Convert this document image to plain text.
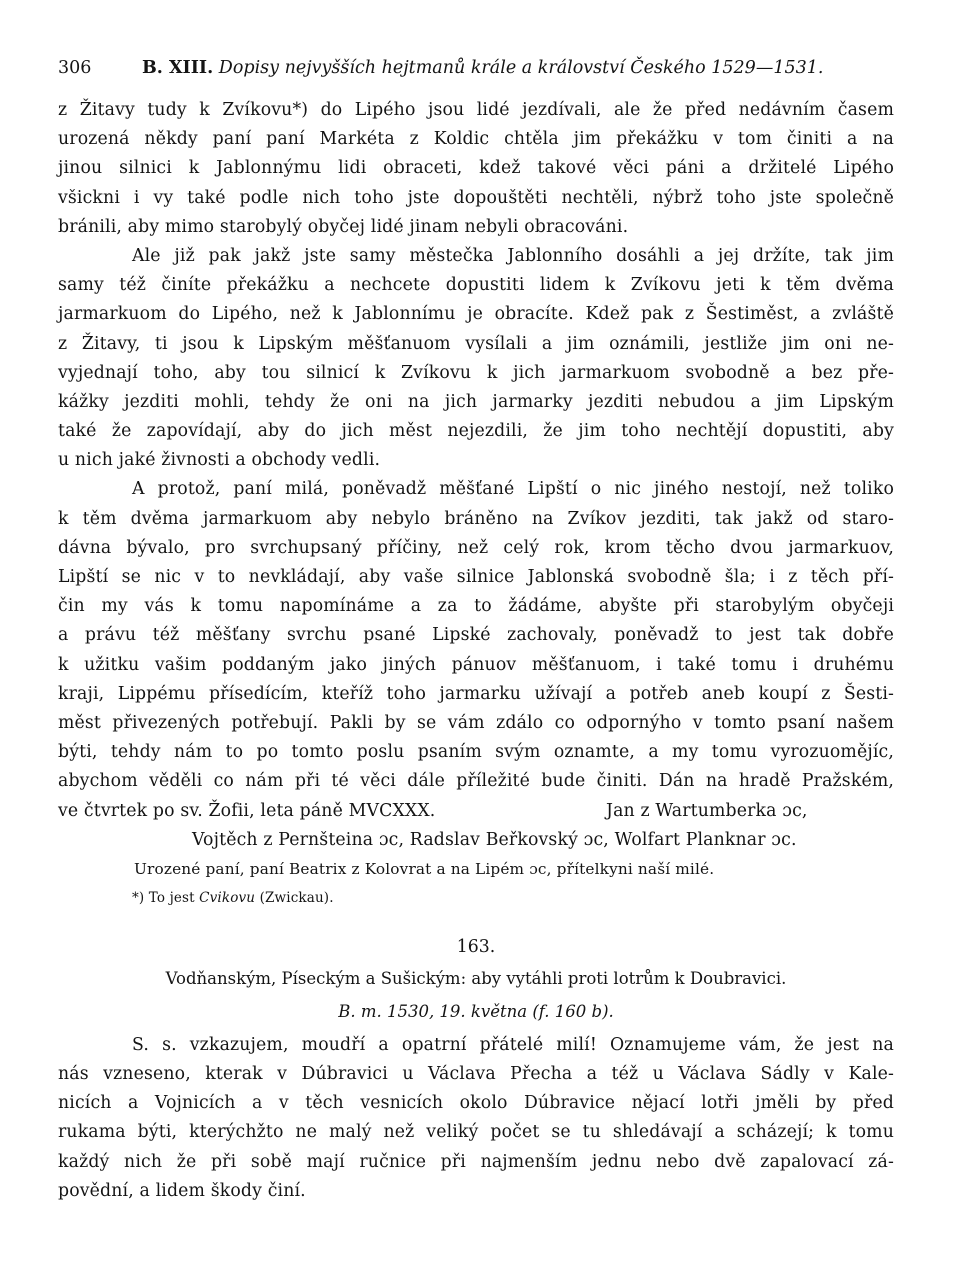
306	B. XIII. Dopisy nejvyšších hejtmanů krále a království Českého 1529—1531.
z Žitavy tudy k Zvíkovu*) do Lipého jsou lidé jezdívali, ale že před nedávním časem
urozená někdy paní paní Markéta z Koldic chtěla jim překážku v tom činiti a na
jinou silnici k Jablonnýmu lidi obraceti, kdež takové věci páni a držitelé Lipého
všickni i vy také podle nich toho jste dopouštěti nechtěli, nýbrž toho jste společně
bránili, aby mimo starobylý obyčej lidé jinam nebyli obracováni.
Ale již pak jakž jste samy městečka Jablonního dosáhli a jej držíte, tak jim
samy též činíte překážku a nechcete dopustiti lidem k Zvíkovu jeti k těm dvěma
jarmarkuom do Lipého, než k Jablonnímu je obracíte. Kdež pak z Šestiměst, a zvláště
z Žitavy, ti jsou k Lipským měšťanuom vysílali a jim oznámili, jestliže jim oni ne-
vyjednají toho, aby tou silnicí k Zvíkovu k jich jarmarkuom svobodně a bez pře-
kážky jezditi mohli, tehdy že oni na jich jarmarky jezditi nebudou a jim Lipským
také že zapovídají, aby do jich měst nejezdili, že jim toho nechtějí dopustiti, aby
u nich jaké živnosti a obchody vedli.
A protož, paní milá, poněvadž měšťané Lipští o nic jiného nestojí, než toliko
k těm dvěma jarmarkuom aby nebylo bráněno na Zvíkov jezditi, tak jakž od staro-
dávna bývalo, pro svrchupsaný příčiny, než celý rok, krom těcho dvou jarmarkuov,
Lipští se nic v to nevkládají, aby vaše silnice Jablonská svobodně šla; i z těch pří-
čin my vás k tomu napomínáme a za to žádáme, abyšte při starobylým obyčeji
a právu též měšťany svrchu psané Lipské zachovaly, poněvadž to jest tak dobře
k užitku vašim poddaným jako jiných pánuov měšťanuom, i také tomu i druhému
kraji, Lippému přísedícím, kteříž toho jarmarku užívají a potřeb aneb koupí z Šesti-
měst přivezených potřebují. Pakli by se vám zdálo co odpornýho v tomto psaní našem
býti, tehdy nám to po tomto poslu psaním svým oznamte, a my tomu vyrozuomějíc,
abychom věděli co nám při té věci dále příležité bude činiti. Dán na hradě Pražském,
ve čtvrtek po sv. Žofii, leta páně MVCXXX.	Jan z Wartumberka ɔc,
Vojtěch z Pernšteina ɔc, Radslav Beřkovský ɔc, Wolfart Planknar ɔc.
Urozené paní, paní Beatrix z Kolovrat a na Lipém ɔc, přítelkyni naší milé.
*) To jest Cvikovu (Zwickau).
163.
Vodňanským, Píseckým a Sušickým: aby vytáhli proti lotrům k Doubravici.
B. m. 1530, 19. května (f. 160 b).
S. s. vzkazujem, moudří a opatrní přátelé milí! Oznamujeme vám, že jest na
nás vzneseno, kterak v Dúbravici u Václava Přecha a též u Václava Sádly v Kale-
nicích a Vojnicích a v těch vesnicích okolo Dúbravice nějací lotři jměli by před
rukama býti, kterýchžto ne malý než veliký počet se tu shledávají a scházejí; k tomu
každý nich že při sobě mají ručnice při najmenším jednu nebo dvě zapalovací zá-
povědní, a lidem škody činí.
